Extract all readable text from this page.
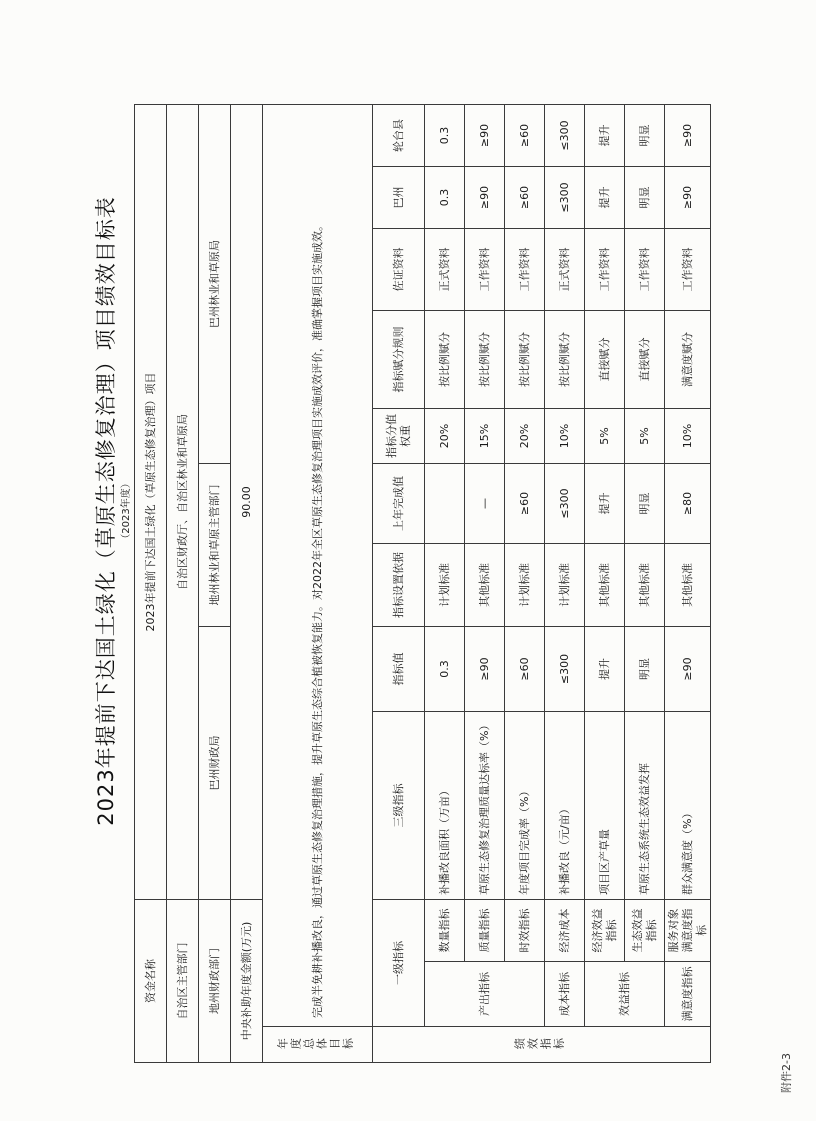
附件2-3
2023年提前下达国土绿化（草原生态修复治理）项目绩效目标表 （2023年度）
资金名称			2023年提前下达国土绿化（草原生态修复治理）项目								
自治区主管部门			自治区财政厅、自治区林业和草原局								
地州财政部门			巴州财政局		地州林业和草原主管部门		巴州林业和草原局				
中央补助年度金额(万元)			90.00								
年度总体目标	完成半免耕补播改良，通过草原生态修复治理措施，提升草原生态综合植被恢复能力。对2022年全区草原生态修复治理项目实施成效评价，准确掌握项目实施成效。										
绩效指标	一级指标		三级指标	指标值	指标设置依据	上年完成值	指标分值权重	指标赋分规则	佐证资料	巴州	轮台县
	产出指标	数量指标	补播改良面积（万亩）	0.3	计划标准		20%	按比例赋分	正式资料	0.3	0.3
		质量指标	草原生态修复治理质量达标率（%）	≥90	其他标准	—	15%	按比例赋分	工作资料	≥90	≥90
		时效指标	年度项目完成率（%）	≥60	计划标准	≥60	20%	按比例赋分	工作资料	≥60	≥60
	成本指标	经济成本	补播改良（元/亩）	≤300	计划标准	≤300	10%	按比例赋分	正式资料	≤300	≤300
	效益指标	经济效益指标	项目区产草量	提升	其他标准	提升	5%	直接赋分	工作资料	提升	提升
		生态效益指标	草原生态系统生态效益发挥	明显	其他标准	明显	5%	直接赋分	工作资料	明显	明显
	满意度指标	服务对象满意度指标	群众满意度（%）	≥90	其他标准	≥80	10%	满意度赋分	工作资料	≥90	≥90
